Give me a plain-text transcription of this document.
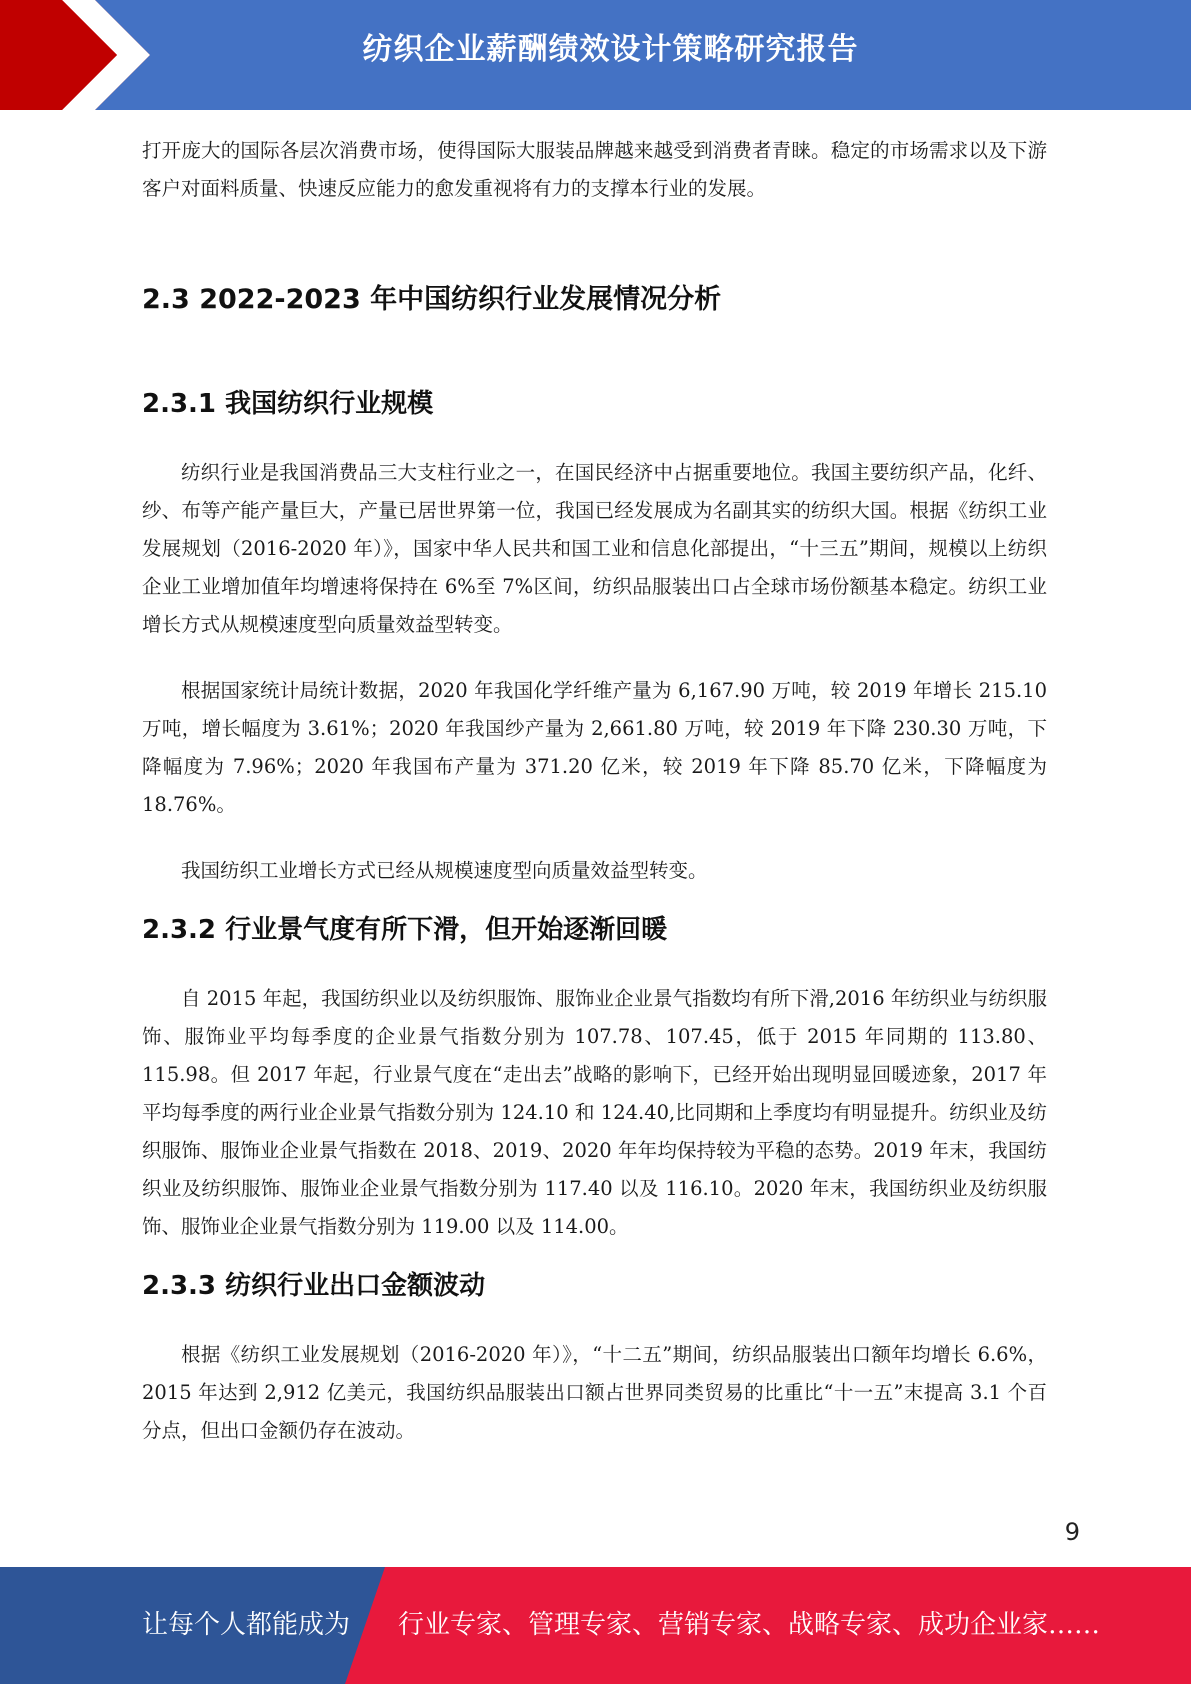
纺织企业薪酬绩效设计策略研究报告

打开庞大的国际各层次消费市场，使得国际大服装品牌越来越受到消费者青睐。稳定的市场需求以及下游客户对面料质量、快速反应能力的愈发重视将有力的支撑本行业的发展。

2.3 2022-2023 年中国纺织行业发展情况分析
2.3.1 我国纺织行业规模

纺织行业是我国消费品三大支柱行业之一，在国民经济中占据重要地位。我国主要纺织产品，化纤、纱、布等产能产量巨大，产量已居世界第一位，我国已经发展成为名副其实的纺织大国。根据《纺织工业发展规划（2016-2020 年）》，国家中华人民共和国工业和信息化部提出，“十三五”期间，规模以上纺织企业工业增加值年均增速将保持在 6%至 7%区间，纺织品服装出口占全球市场份额基本稳定。纺织工业增长方式从规模速度型向质量效益型转变。

根据国家统计局统计数据，2020 年我国化学纤维产量为 6,167.90 万吨，较 2019 年增长 215.10 万吨，增长幅度为 3.61%；2020 年我国纱产量为 2,661.80 万吨，较 2019 年下降 230.30 万吨，下降幅度为 7.96%；2020 年我国布产量为 371.20 亿米，较 2019 年下降 85.70 亿米，下降幅度为 18.76%。

我国纺织工业增长方式已经从规模速度型向质量效益型转变。

2.3.2 行业景气度有所下滑，但开始逐渐回暖

自 2015 年起，我国纺织业以及纺织服饰、服饰业企业景气指数均有所下滑,2016 年纺织业与纺织服饰、服饰业平均每季度的企业景气指数分别为 107.78、107.45，低于 2015 年同期的 113.80、115.98。但 2017 年起，行业景气度在“走出去”战略的影响下，已经开始出现明显回暖迹象，2017 年平均每季度的两行业企业景气指数分别为 124.10 和 124.40,比同期和上季度均有明显提升。纺织业及纺织服饰、服饰业企业景气指数在 2018、2019、2020 年年均保持较为平稳的态势。2019 年末，我国纺织业及纺织服饰、服饰业企业景气指数分别为 117.40 以及 116.10。2020 年末，我国纺织业及纺织服饰、服饰业企业景气指数分别为 119.00 以及 114.00。

2.3.3 纺织行业出口金额波动

根据《纺织工业发展规划（2016-2020 年）》，“十二五”期间，纺织品服装出口额年均增长 6.6%，2015 年达到 2,912 亿美元，我国纺织品服装出口额占世界同类贸易的比重比“十一五”末提高 3.1 个百分点，但出口金额仍存在波动。

9
让每个人都能成为 行业专家、管理专家、营销专家、战略专家、成功企业家……
